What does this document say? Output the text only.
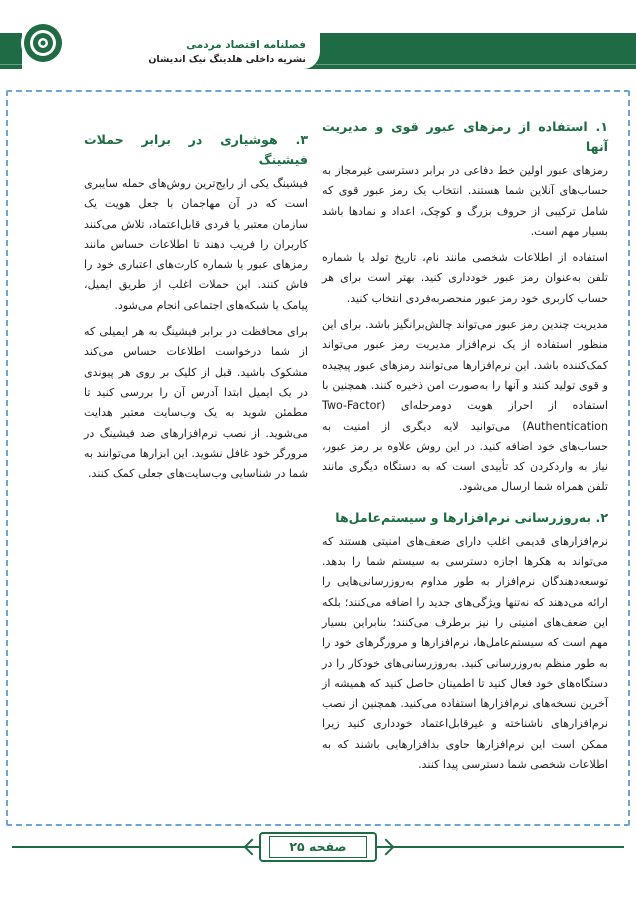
فصلنامه اقتصاد مردمی
نشریه داخلی هلدینگ نیک اندیشان
۱. استفاده از رمزهای عبور قوی و مدیریت آنها

رمزهای عبور اولین خط دفاعی در برابر دسترسی غیرمجاز به حساب‌های آنلاین شما هستند. انتخاب یک رمز عبور قوی که شامل ترکیبی از حروف بزرگ و کوچک، اعداد و نمادها باشد بسیار مهم است.

استفاده از اطلاعات شخصی مانند نام، تاریخ تولد یا شماره تلفن به‌عنوان رمز عبور خودداری کنید. بهتر است برای هر حساب کاربری خود رمز عبور منحصربه‌فردی انتخاب کنید.

مدیریت چندین رمز عبور می‌تواند چالش‌برانگیز باشد. برای این منظور استفاده از یک نرم‌افزار مدیریت رمز عبور می‌تواند کمک‌کننده باشد. این نرم‌افزارها می‌توانند رمزهای عبور پیچیده و قوی تولید کنند و آنها را به‌صورت امن ذخیره کنند. همچنین با استفاده از احراز هویت دومرحله‌ای (Two-Factor Authentication) می‌توانید لایه دیگری از امنیت به حساب‌های خود اضافه کنید. در این روش علاوه بر رمز عبور، نیاز به واردکردن کد تأییدی است که به دستگاه دیگری مانند تلفن همراه شما ارسال می‌شود.

۲. به‌روزرسانی نرم‌افزارها و سیستم‌عامل‌ها

نرم‌افزارهای قدیمی اغلب دارای ضعف‌های امنیتی هستند که می‌تواند به هکرها اجازه دسترسی به سیستم شما را بدهد. توسعه‌دهندگان نرم‌افزار به طور مداوم به‌روزرسانی‌هایی را ارائه می‌دهند که نه‌تنها ویژگی‌های جدید را اضافه می‌کنند؛ بلکه این ضعف‌های امنیتی را نیز برطرف می‌کنند؛ بنابراین بسیار مهم است که سیستم‌عامل‌ها، نرم‌افزارها و مرورگرهای خود را به طور منظم به‌روزرسانی کنید. به‌روزرسانی‌های خودکار را در دستگاه‌های خود فعال کنید تا اطمینان حاصل کنید که همیشه از آخرین نسخه‌های نرم‌افزارها استفاده می‌کنید. همچنین از نصب نرم‌افزارهای ناشناخته و غیرقابل‌اعتماد خودداری کنید زیرا ممکن است این نرم‌افزارها حاوی بدافزارهایی باشند که به اطلاعات شخصی شما دسترسی پیدا کنند.

۳. هوشیاری در برابر حملات فیشینگ

فیشینگ یکی از رایج‌ترین روش‌های حمله سایبری است که در آن مهاجمان با جعل هویت یک سازمان معتبر یا فردی قابل‌اعتماد، تلاش می‌کنند کاربران را فریب دهند تا اطلاعات حساس مانند رمزهای عبور یا شماره کارت‌های اعتباری خود را فاش کنند. این حملات اغلب از طریق ایمیل، پیامک یا شبکه‌های اجتماعی انجام می‌شود.

برای محافظت در برابر فیشینگ به هر ایمیلی که از شما درخواست اطلاعات حساس می‌کند مشکوک باشید. قبل از کلیک بر روی هر پیوندی در یک ایمیل ابتدا آدرس آن را بررسی کنید تا مطمئن شوید به یک وب‌سایت معتبر هدایت می‌شوید. از نصب نرم‌افزارهای ضد فیشینگ در مرورگر خود غافل نشوید. این ابزارها می‌توانند به شما در شناسایی وب‌سایت‌های جعلی کمک کنند.

صفحه ۲۵
